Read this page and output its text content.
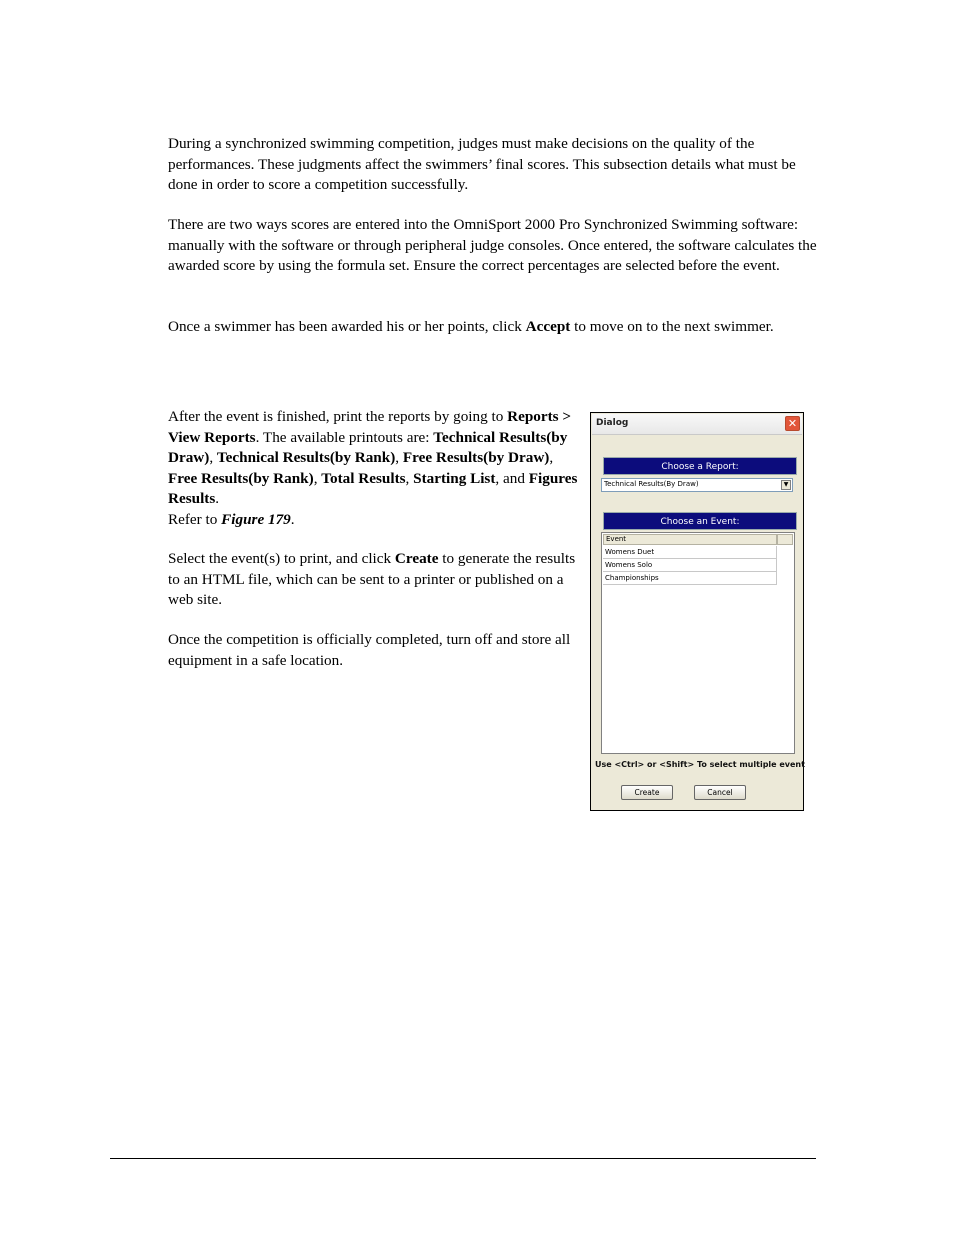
During a synchronized swimming competition, judges must make decisions on the quality of the performances. These judgments affect the swimmers’ final scores. This subsection details what must be done in order to score a competition successfully.

There are two ways scores are entered into the OmniSport 2000 Pro Synchronized Swimming software: manually with the software or through peripheral judge consoles. Once entered, the software calculates the awarded score by using the formula set. Ensure the correct percentages are selected before the event.

Once a swimmer has been awarded his or her points, click Accept to move on to the next swimmer.

After the event is finished, print the reports by going to Reports > View Reports. The available printouts are: Technical Results(by Draw), Technical Results(by Rank), Free Results(by Draw), Free Results(by Rank), Total Results, Starting List, and Figures Results.
Refer to Figure 179.

Select the event(s) to print, and click Create to generate the results to an HTML file, which can be sent to a printer or published on a web site.

Once the competition is officially completed, turn off and store all equipment in a safe location.

Dialog	✕
Choose a Report:
Technical Results(By Draw)	▼
Choose an Event:
Event
Womens Duet
Womens Solo
Championships
Use <Ctrl> or <Shift> To select multiple event
Create	Cancel
